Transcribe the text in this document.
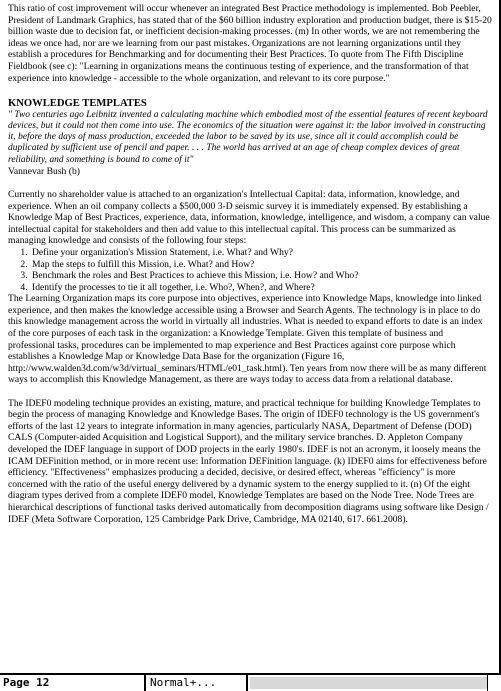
This ratio of cost improvement will occur whenever an integrated Best Practice methodology is implemented. Bob Peebler, President of Landmark Graphics, has stated that of the $60 billion industry exploration and production budget, there is $15-20 billion waste due to decision fat, or inefficient decision-making processes. (m) In other words, we are not remembering the ideas we once had, nor are we learning from our past mistakes. Organizations are not learning organizations until they establish a procedures for Benchmarking and for documenting their Best Practices. To quote from The Fifth Discipline Fieldbook (see c): "Learning in organizations means the continuous testing of experience, and the transformation of that experience into knowledge - accessible to the whole organization, and relevant to its core purpose."

KNOWLEDGE TEMPLATES

" Two centuries ago Leibnitz invented a calculating machine which embodied most of the essential features of recent keyboard devices, but it could not then come into use. The economics of the situation were against it: the labor involved in constructing it, before the days of mass production, exceeded the labor to be saved by its use, since all it could accomplish could be duplicated by sufficient use of pencil and paper. . . . The world has arrived at an age of cheap complex devices of great reliability, and something is bound to come of it"

Vannevar Bush (b)

Currently no shareholder value is attached to an organization's Intellectual Capital: data, information, knowledge, and experience. When an oil company collects a $500,000 3-D seismic survey it is immediately expensed. By establishing a Knowledge Map of Best Practices, experience, data, information, knowledge, intelligence, and wisdom, a company can value intellectual capital for stakeholders and then add value to this intellectual capital. This process can be summarized as managing knowledge and consists of the following four steps:

1. Define your organization's Mission Statement, i.e. What? and Why?
2. Map the steps to fulfill this Mission, i.e. What? and How?
3. Benchmark the roles and Best Practices to achieve this Mission, i.e. How? and Who?
4. Identify the processes to tie it all together, i.e. Who?, When?, and Where?

The Learning Organization maps its core purpose into objectives, experience into Knowledge Maps, knowledge into linked experience, and then makes the knowledge accessible using a Browser and Search Agents. The technology is in place to do this knowledge management across the world in virtually all industries. What is needed to expand efforts to date is an index of the core purposes of each task in the organization: a Knowledge Template. Given this template of business and professional tasks, procedures can be implemented to map experience and Best Practices against core purpose which establishes a Knowledge Map or Knowledge Data Base for the organization (Figure 16, http://www.walden3d.com/w3d/virtual_seminars/HTML/e01_task.html). Ten years from now there will be as many different ways to accomplish this Knowledge Management, as there are ways today to access data from a relational database.

The IDEF0 modeling technique provides an existing, mature, and practical technique for building Knowledge Templates to begin the process of managing Knowledge and Knowledge Bases. The origin of IDEF0 technology is the US government's efforts of the last 12 years to integrate information in many agencies, particularly NASA, Department of Defense (DOD) CALS (Computer-aided Acquisition and Logistical Support), and the military service branches. D. Appleton Company developed the IDEF language in support of DOD projects in the early 1980's. IDEF is not an acronym, it loosely means the ICAM DEFinition method, or in more recent use: Information DEFinition language. (k) IDEF0 aims for effectiveness before efficiency. "Effectiveness" emphasizes producing a decided, decisive, or desired effect, whereas "efficiency" is more concerned with the ratio of the useful energy delivered by a dynamic system to the energy supplied to it. (n) Of the eight diagram types derived from a complete IDEF0 model, Knowledge Templates are based on the Node Tree. Node Trees are hierarchical descriptions of functional tasks derived automatically from decomposition diagrams using software like Design / IDEF (Meta Software Corporation, 125 Cambridge Park Drive, Cambridge, MA 02140, 617. 661.2008).

Page 12	Normal+...
